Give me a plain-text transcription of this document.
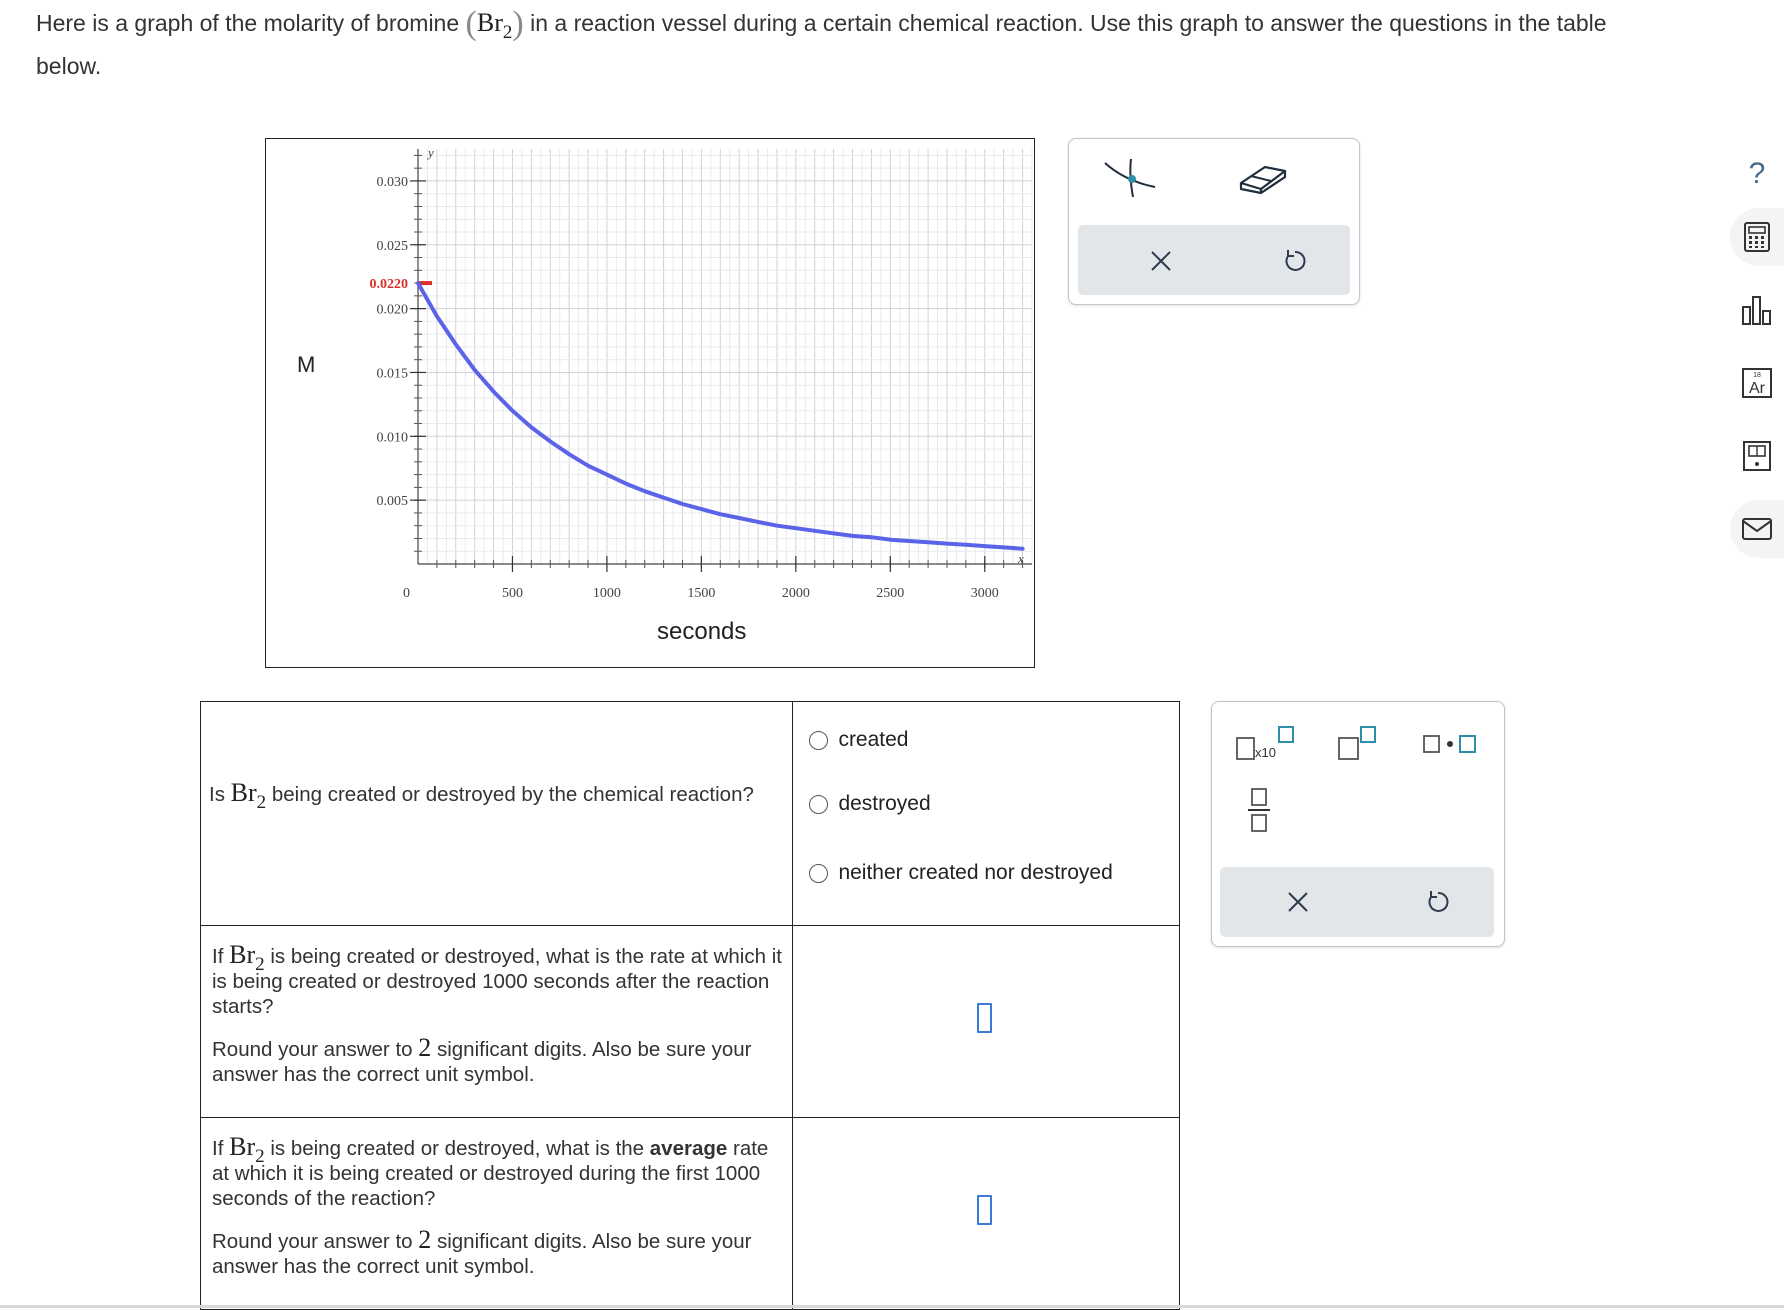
Here is a graph of the molarity of bromine $(Br_2)$ in a reaction vessel during a certain chemical reaction. Use this graph to answer the questions in the table below.
500	1000	1500	2000	2500	3000
0.005
0.010
0.015
0.020
0.025
0.030
0
y
x
0.0220
M
seconds
Is $Br_2$ being created or destroyed by the chemical reaction?	created
destroyed
neither created nor destroyed

If $Br_2$ is being created or destroyed, what is the rate at which it is being created or destroyed 1000 seconds after the reaction starts?
Round your answer to 2 significant digits. Also be sure your answer has the correct unit symbol.	

If $Br_2$ is being created or destroyed, what is the average rate at which it is being created or destroyed during the first 1000 seconds of the reaction?
Round your answer to 2 significant digits. Also be sure your answer has the correct unit symbol.	

x10
?
18
Ar
